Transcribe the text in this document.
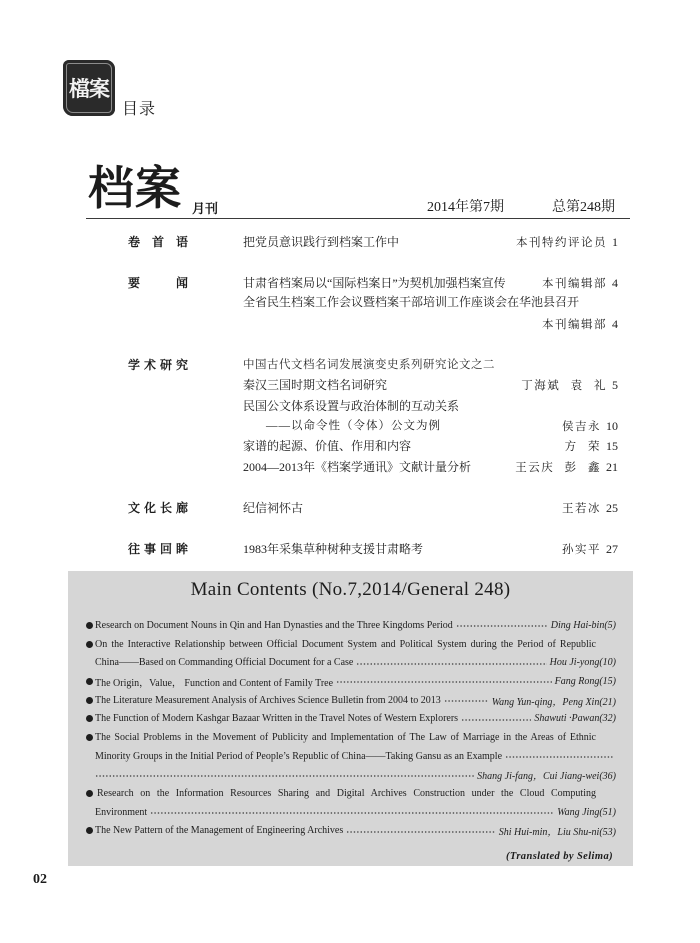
檔案
目录
档案 月刊	2014年第7期	总第248期
卷首语	把党员意识践行到档案工作中	本刊特约评论员 1
要 闻	甘肃省档案局以“国际档案日”为契机加强档案宣传	本刊编辑部 4
全省民生档案工作会议暨档案干部培训工作座谈会在华池县召开
本刊编辑部 4
学术研究	中国古代文档名词发展演变史系列研究论文之二
秦汉三国时期文档名词研究	丁海斌 袁 礼 5
民国公文体系设置与政治体制的互动关系
——以命令性（令体）公文为例	侯吉永 10
家谱的起源、价值、作用和内容	方 荣 15
2004—2013年《档案学通讯》文献计量分析	王云庆 彭 鑫 21
文化长廊	纪信祠怀古	王若冰 25
往事回眸	1983年采集草种树种支援甘肃略考	孙实平 27
Main Contents (No.7,2014/General 248)
Research on Document Nouns in Qin and Han Dynasties and the Three Kingdoms Period	Ding Hai-bin(5)
On the Interactive Relationship between Official Document System and Political System during the Period of Republic
China——Based on Commanding Official Document for a Case	Hou Ji-yong(10)
The Origin，Value， Function and Content of Family Tree	Fang Rong(15)
The Literature Measurement Analysis of Archives Science Bulletin from 2004 to 2013	Wang Yun-qing，Peng Xin(21)
The Function of Modern Kashgar Bazaar Written in the Travel Notes of Western Explorers	Shawuti ·Pawan(32)
The Social Problems in the Movement of Publicity and Implementation of The Law of Marriage in the Areas of Ethnic
Minority Groups in the Initial Period of People’s Republic of China——Taking Gansu as an Example
Shang Ji-fang，Cui Jiang-wei(36)
Research on the Information Resources Sharing and Digital Archives Construction under the Cloud Computing
Environment	Wang Jing(51)
The New Pattern of the Management of Engineering Archives	Shi Hui-min，Liu Shu-ni(53)
(Translated by Selima)
02
